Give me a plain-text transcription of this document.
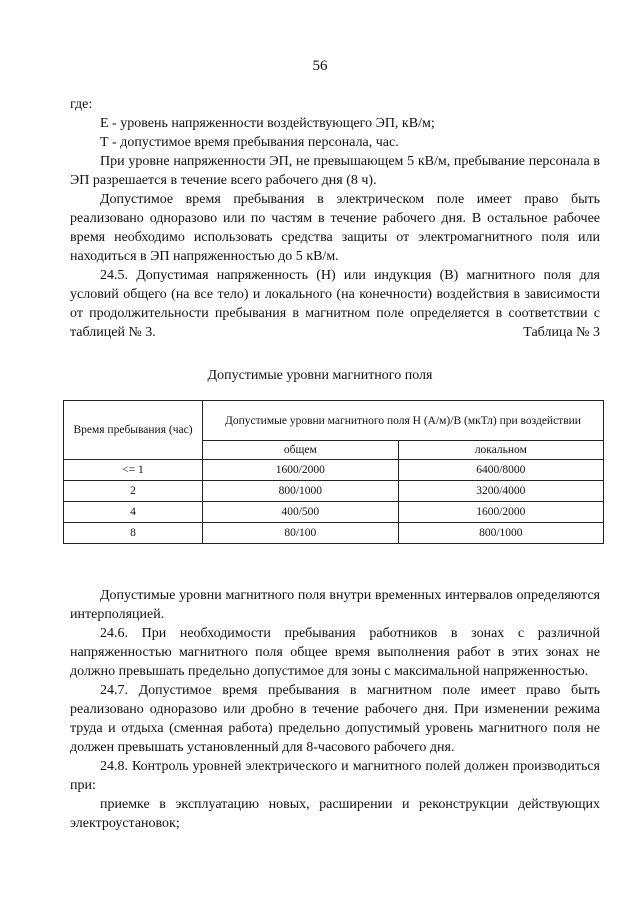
56

где:

Е - уровень напряженности воздействующего ЭП, кВ/м;

Т - допустимое время пребывания персонала, час.

При уровне напряженности ЭП, не превышающем 5 кВ/м, пребывание персонала в ЭП разрешается в течение всего рабочего дня (8 ч).

Допустимое время пребывания в электрическом поле имеет право быть реализовано одноразово или по частям в течение рабочего дня. В остальное рабочее время необходимо использовать средства защиты от электромагнитного поля или находиться в ЭП напряженностью до 5 кВ/м.

24.5. Допустимая напряженность (Н) или индукция (В) магнитного поля для условий общего (на все тело) и локального (на конечности) воздействия в зависимости от продолжительности пребывания в магнитном поле определяется в соответствии с таблицей № 3.	Таблица № 3
Допустимые уровни магнитного поля
Время пребывания (час)	Допустимые уровни магнитного поля Н (А/м)/В (мкТл) при воздействии	
	общем	локальном
<= 1	1600/2000	6400/8000
2	800/1000	3200/4000
4	400/500	1600/2000
8	80/100	800/1000

Допустимые уровни магнитного поля внутри временных интервалов определяются интерполяцией.

24.6. При необходимости пребывания работников в зонах с различной напряженностью магнитного поля общее время выполнения работ в этих зонах не должно превышать предельно допустимое для зоны с максимальной напряженностью.

24.7. Допустимое время пребывания в магнитном поле имеет право быть реализовано одноразово или дробно в течение рабочего дня. При изменении режима труда и отдыха (сменная работа) предельно допустимый уровень магнитного поля не должен превышать установленный для 8-часового рабочего дня.

24.8. Контроль уровней электрического и магнитного полей должен производиться при:

приемке в эксплуатацию новых, расширении и реконструкции действующих электроустановок;
